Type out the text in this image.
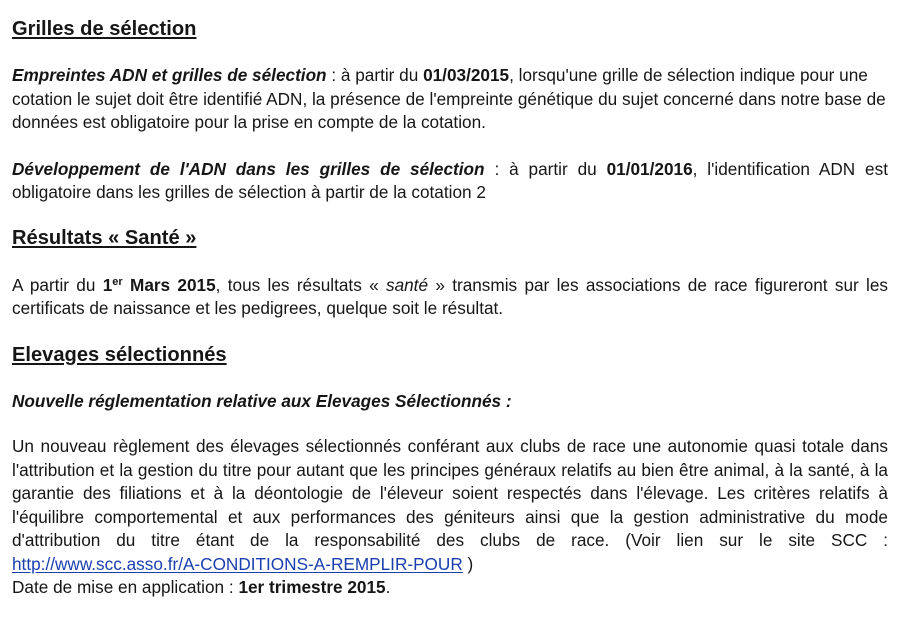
Grilles de sélection

Empreintes ADN et grilles de sélection : à partir du 01/03/2015, lorsqu'une grille de sélection indique pour une cotation le sujet doit être identifié ADN, la présence de l'empreinte génétique du sujet concerné dans notre base de données est obligatoire pour la prise en compte de la cotation.

Développement de l'ADN dans les grilles de sélection : à partir du 01/01/2016, l'identification ADN est obligatoire dans les grilles de sélection à partir de la cotation 2

Résultats « Santé »

A partir du 1er Mars 2015, tous les résultats « santé » transmis par les associations de race figureront sur les certificats de naissance et les pedigrees, quelque soit le résultat.

Elevages sélectionnés

Nouvelle réglementation relative aux Elevages Sélectionnés :

Un nouveau règlement des élevages sélectionnés conférant aux clubs de race une autonomie quasi totale dans l'attribution et la gestion du titre pour autant que les principes généraux relatifs au bien être animal, à la santé, à la garantie des filiations et à la déontologie de l'éleveur soient respectés dans l'élevage. Les critères relatifs à l'équilibre comportemental et aux performances des géniteurs ainsi que la gestion administrative du mode d'attribution du titre étant de la responsabilité des clubs de race. (Voir lien sur le site SCC : http://www.scc.asso.fr/A-CONDITIONS-A-REMPLIR-POUR )

Date de mise en application : 1er trimestre 2015.
